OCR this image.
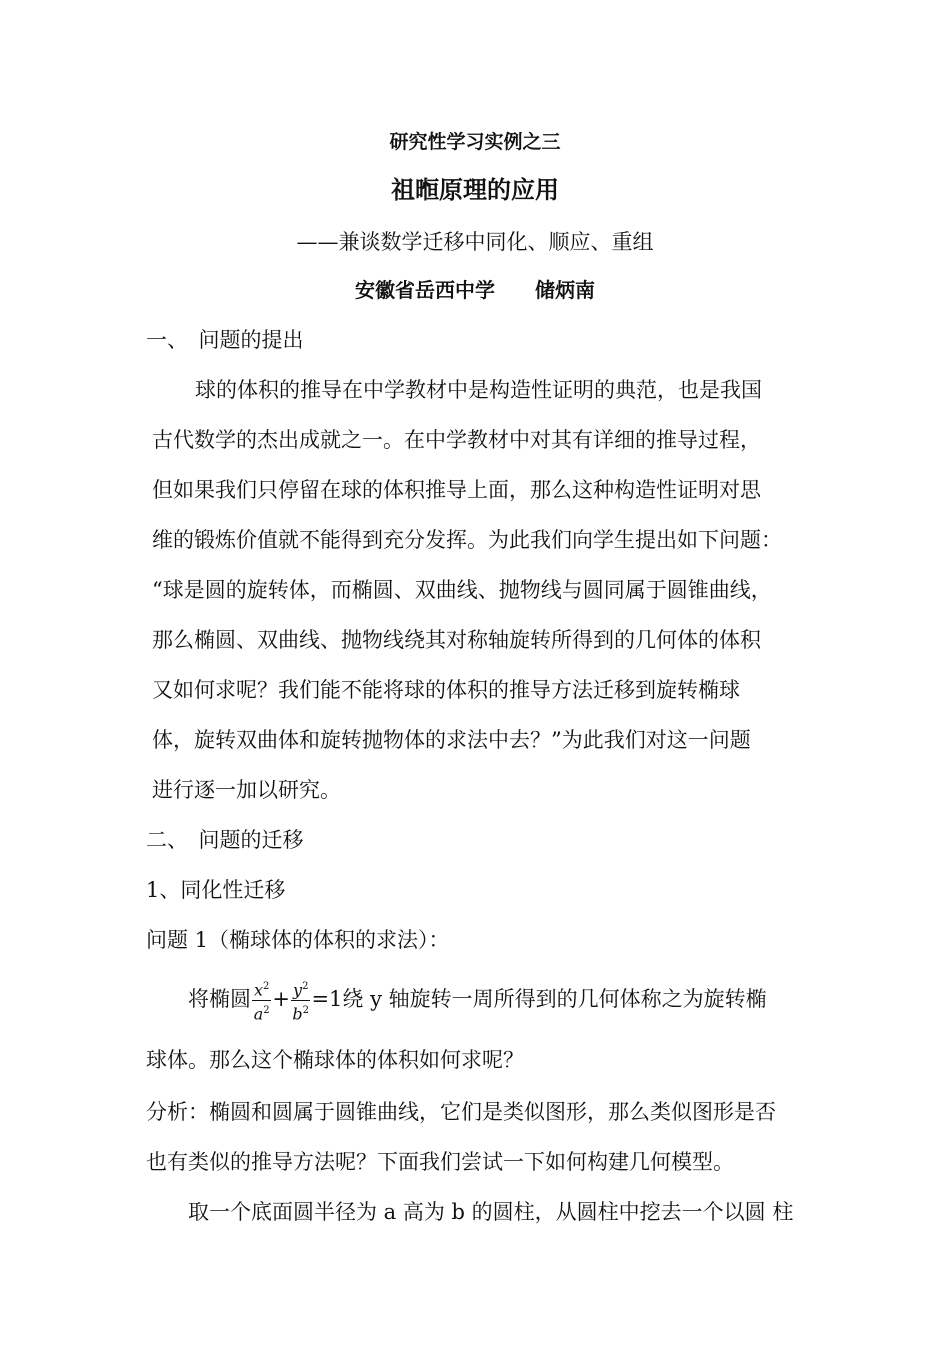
研究性学习实例之三
祖暅原理的应用
——兼谈数学迁移中同化、顺应、重组
安徽省岳西中学　　储炳南
一、　问题的提出
球的体积的推导在中学教材中是构造性证明的典范，也是我国
古代数学的杰出成就之一。在中学教材中对其有详细的推导过程，
但如果我们只停留在球的体积推导上面，那么这种构造性证明对思
维的锻炼价值就不能得到充分发挥。为此我们向学生提出如下问题：
“球是圆的旋转体，而椭圆、双曲线、抛物线与圆同属于圆锥曲线，
那么椭圆、双曲线、抛物线绕其对称轴旋转所得到的几何体的体积
又如何求呢？我们能不能将球的体积的推导方法迁移到旋转椭球
体，旋转双曲体和旋转抛物体的求法中去？”为此我们对这一问题
进行逐一加以研究。
二、　问题的迁移
1、同化性迁移
问题 1（椭球体的体积的求法）：
将椭圆 $\frac{x^2}{a^2} + \frac{y^2}{b^2} =1$绕 y 轴旋转一周所得到的几何体称之为旋转椭
球体。那么这个椭球体的体积如何求呢？
分析：椭圆和圆属于圆锥曲线，它们是类似图形，那么类似图形是否
也有类似的推导方法呢？下面我们尝试一下如何构建几何模型。
取一个底面圆半径为 a 高为 b 的圆柱，从圆柱中挖去一个以圆 柱
